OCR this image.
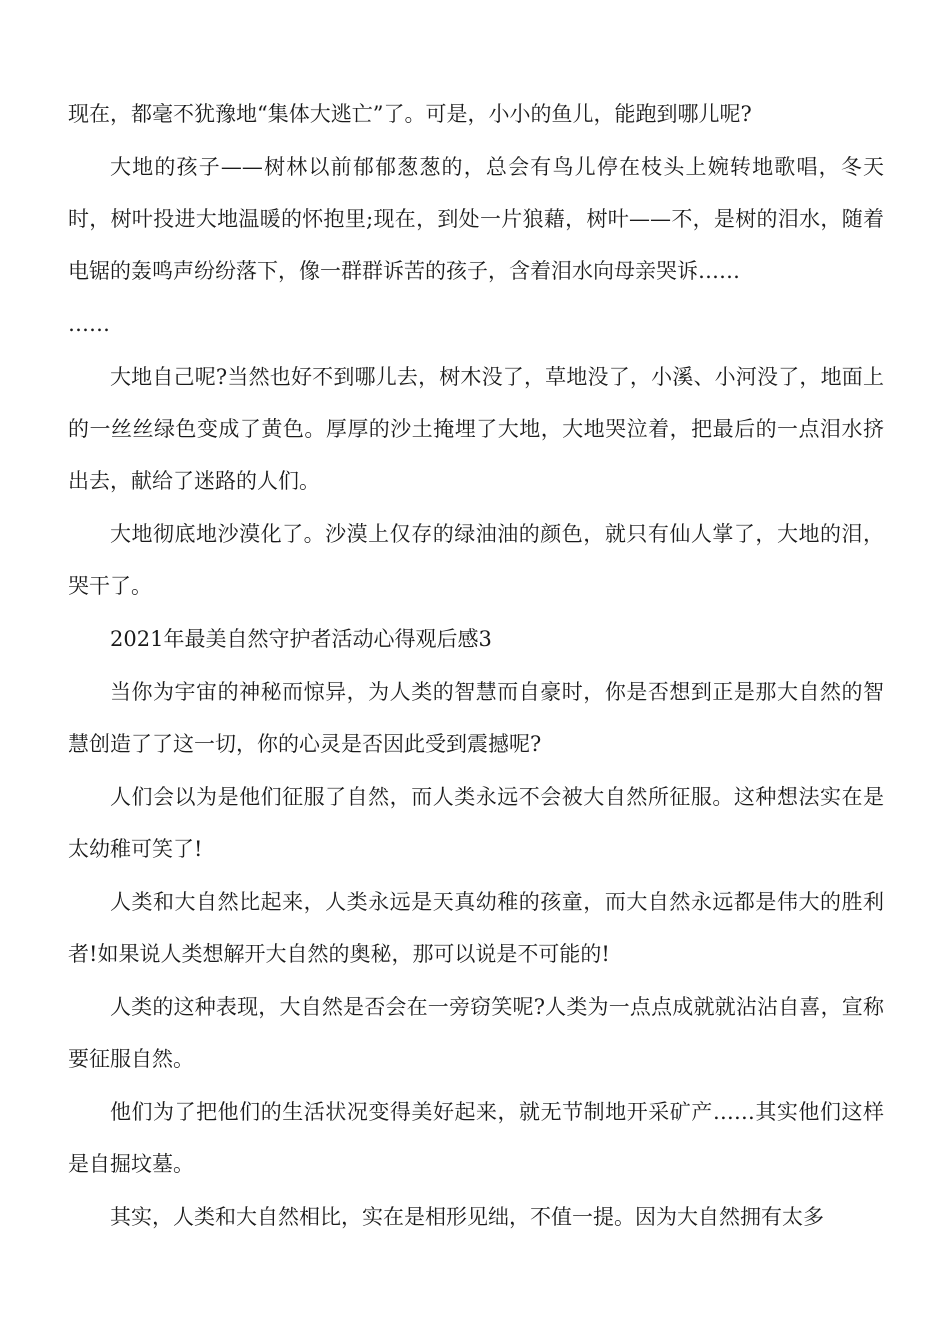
现在，都毫不犹豫地“集体大逃亡”了。可是，小小的鱼儿，能跑到哪儿呢?

大地的孩子——树林以前郁郁葱葱的，总会有鸟儿停在枝头上婉转地歌唱，冬天时，树叶投进大地温暖的怀抱里;现在，到处一片狼藉，树叶——不，是树的泪水，随着电锯的轰鸣声纷纷落下，像一群群诉苦的孩子，含着泪水向母亲哭诉……

……

大地自己呢?当然也好不到哪儿去，树木没了，草地没了，小溪、小河没了，地面上的一丝丝绿色变成了黄色。厚厚的沙土掩埋了大地，大地哭泣着，把最后的一点泪水挤出去，献给了迷路的人们。

大地彻底地沙漠化了。沙漠上仅存的绿油油的颜色，就只有仙人掌了，大地的泪，哭干了。

2021年最美自然守护者活动心得观后感3

当你为宇宙的神秘而惊异，为人类的智慧而自豪时，你是否想到正是那大自然的智慧创造了了这一切，你的心灵是否因此受到震撼呢?

人们会以为是他们征服了自然，而人类永远不会被大自然所征服。这种想法实在是太幼稚可笑了!

人类和大自然比起来，人类永远是天真幼稚的孩童，而大自然永远都是伟大的胜利者!如果说人类想解开大自然的奥秘，那可以说是不可能的!

人类的这种表现，大自然是否会在一旁窃笑呢?人类为一点点成就就沾沾自喜，宣称要征服自然。

他们为了把他们的生活状况变得美好起来，就无节制地开采矿产……其实他们这样是自掘坟墓。

其实，人类和大自然相比，实在是相形见绌，不值一提。因为大自然拥有太多
